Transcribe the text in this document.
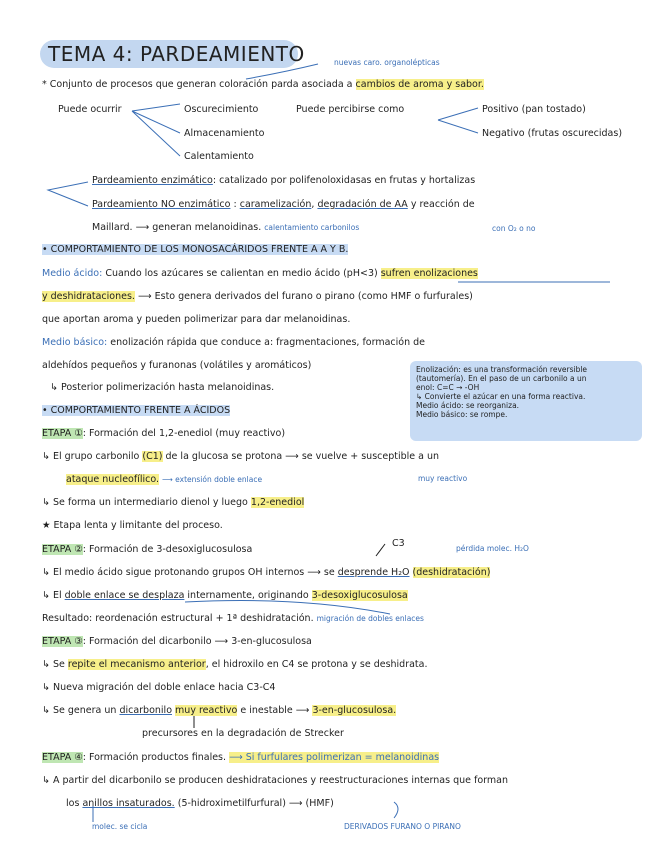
TEMA 4: PARDEAMIENTO	nuevas caro. organolépticas
* Conjunto de procesos que generan coloración parda asociada a cambios de aroma y sabor.
Puede ocurrir	Oscurecimiento	Puede percibirse como	Positivo (pan tostado)
Almacenamiento	Negativo (frutas oscurecidas)
Calentamiento
Pardeamiento enzimático: catalizado por polifenoloxidasas en frutas y hortalizas
Pardeamiento NO enzimático : caramelización, degradación de AA y reacción de
Maillard. ⟶ generan melanoidinas. calentamiento carbonilos	con O₂ o no
• COMPORTAMIENTO DE LOS MONOSACÁRIDOS FRENTE A A Y B.
Medio ácido: Cuando los azúcares se calientan en medio ácido (pH<3) sufren enolizaciones
y deshidrataciones. ⟶ Esto genera derivados del furano o pirano (como HMF o furfurales)
que aportan aroma y pueden polimerizar para dar melanoidinas.
Medio básico: enolización rápida que conduce a: fragmentaciones, formación de
aldehídos pequeños y furanonas (volátiles y aromáticos)
↳ Posterior polimerización hasta melanoidinas.
Enolización: es una transformación reversible
(tautomería). En el paso de un carbonilo a un
enol: C=C → -OH
↳ Convierte el azúcar en una forma reactiva.
Medio ácido: se reorganiza.
Medio básico: se rompe.
• COMPORTAMIENTO FRENTE A ÁCIDOS
ETAPA ①: Formación del 1,2-enediol (muy reactivo)
↳ El grupo carbonilo (C1) de la glucosa se protona ⟶ se vuelve + susceptible a un
ataque nucleofílico. ⟶ extensión doble enlace	muy reactivo
↳ Se forma un intermediario dienol y luego 1,2-enediol
★ Etapa lenta y limitante del proceso.
ETAPA ②: Formación de 3-desoxiglucosulosa
C3	pérdida molec. H₂O
↳ El medio ácido sigue protonando grupos OH internos ⟶ se desprende H₂O (deshidratación)
↳ El doble enlace se desplaza internamente, originando 3-desoxiglucosulosa
Resultado: reordenación estructural + 1ª deshidratación. migración de dobles enlaces
ETAPA ③: Formación del dicarbonilo ⟶ 3-en-glucosulosa
↳ Se repite el mecanismo anterior, el hidroxilo en C4 se protona y se deshidrata.
↳ Nueva migración del doble enlace hacia C3-C4
↳ Se genera un dicarbonilo muy reactivo e inestable ⟶ 3-en-glucosulosa.
precursores en la degradación de Strecker
ETAPA ④: Formación productos finales. ⟶ Si furfulares polimerizan = melanoidinas
↳ A partir del dicarbonilo se producen deshidrataciones y reestructuraciones internas que forman
los anillos insaturados. (5-hidroximetilfurfural) ⟶ (HMF)
molec. se cicla	DERIVADOS FURANO O PIRANO
